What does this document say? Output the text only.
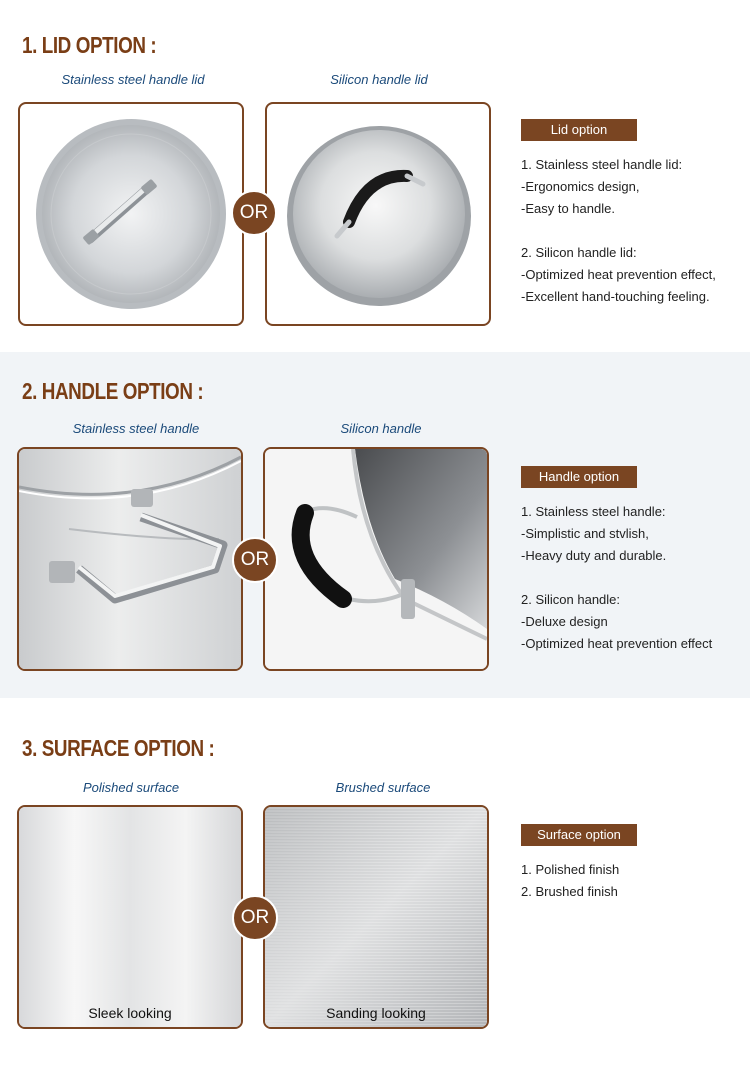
1. LID OPTION :
Stainless steel handle lid	Silicon handle lid
OR
Lid option
1. Stainless steel handle lid:
-Ergonomics design,
-Easy to handle.
2. Silicon handle lid:
-Optimized heat prevention effect,
-Excellent hand-touching feeling.
2. HANDLE OPTION :
Stainless steel handle	Silicon handle
OR
Handle option
1. Stainless steel handle:
-Simplistic and stvlish,
-Heavy duty and durable.
2. Silicon handle:
-Deluxe design
-Optimized heat prevention effect
3. SURFACE OPTION :
Polished surface	Brushed surface
Sleek looking	Sanding looking
OR
Surface option
1. Polished finish
2. Brushed finish
